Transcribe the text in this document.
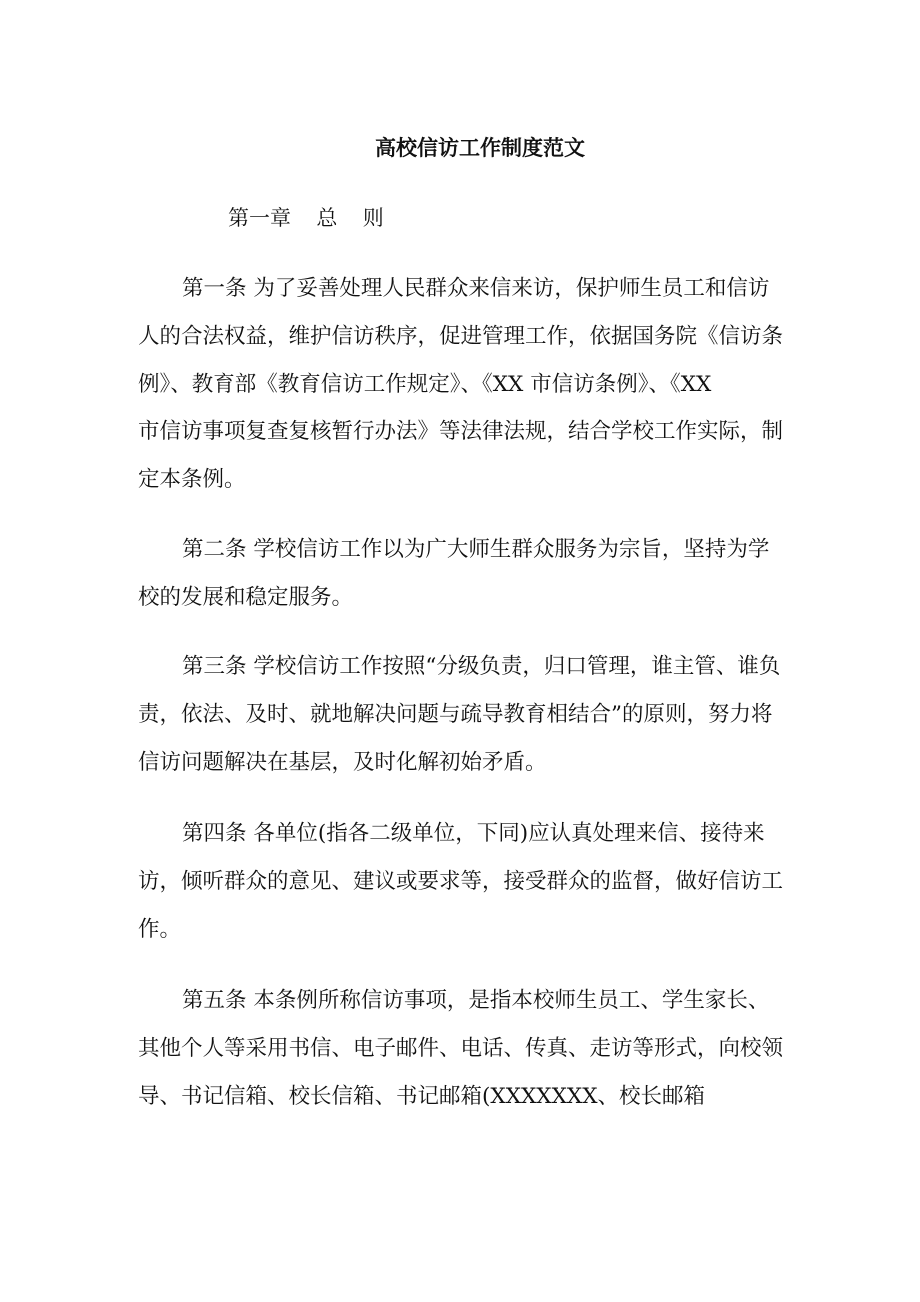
高校信访工作制度范文
第一章  总  则
第一条 为了妥善处理人民群众来信来访，保护师生员工和信访
人的合法权益，维护信访秩序，促进管理工作，依据国务院《信访条
例》、教育部《教育信访工作规定》、《XX 市信访条例》、《XX
市信访事项复查复核暂行办法》等法律法规，结合学校工作实际，制
定本条例。
第二条 学校信访工作以为广大师生群众服务为宗旨，坚持为学
校的发展和稳定服务。
第三条 学校信访工作按照“分级负责，归口管理，谁主管、谁负
责，依法、及时、就地解决问题与疏导教育相结合”的原则，努力将
信访问题解决在基层，及时化解初始矛盾。
第四条 各单位(指各二级单位，下同)应认真处理来信、接待来
访，倾听群众的意见、建议或要求等，接受群众的监督，做好信访工
作。
第五条 本条例所称信访事项，是指本校师生员工、学生家长、
其他个人等采用书信、电子邮件、电话、传真、走访等形式，向校领
导、书记信箱、校长信箱、书记邮箱(XXXXXXX、校长邮箱
